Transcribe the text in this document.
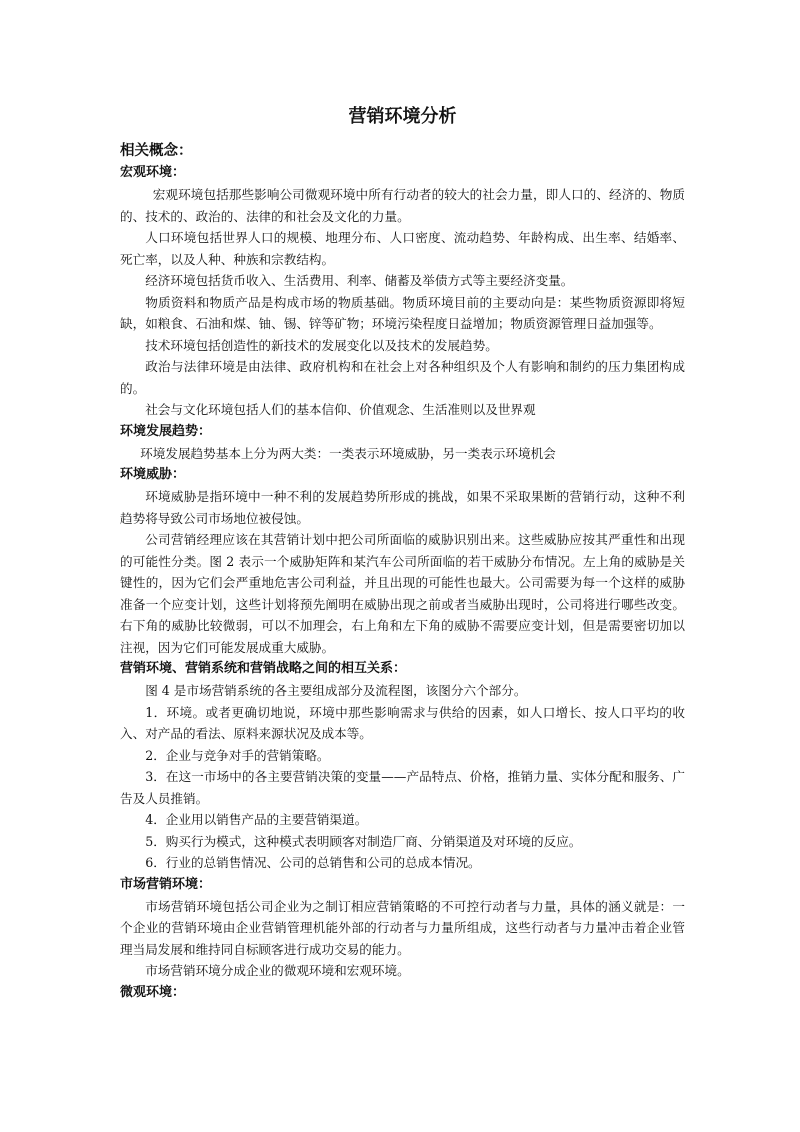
营销环境分析
相关概念：
宏观环境：

宏观环境包括那些影响公司微观环境中所有行动者的较大的社会力量，即人口的、经济的、物质的、技术的、政治的、法律的和社会及文化的力量。

人口环境包括世界人口的规模、地理分布、人口密度、流动趋势、年龄构成、出生率、结婚率、死亡率，以及人种、种族和宗教结构。

经济环境包括货币收入、生活费用、利率、储蓄及举债方式等主要经济变量。

物质资料和物质产品是构成市场的物质基础。物质环境目前的主要动向是：某些物质资源即将短缺，如粮食、石油和煤、铀、锡、锌等矿物；环境污染程度日益增加；物质资源管理日益加强等。

技术环境包括创造性的新技术的发展变化以及技术的发展趋势。

政治与法律环境是由法律、政府机构和在社会上对各种组织及个人有影响和制约的压力集团构成的。

社会与文化环境包括人们的基本信仰、价值观念、生活准则以及世界观

环境发展趋势：

环境发展趋势基本上分为两大类：一类表示环境威胁，另一类表示环境机会

环境威胁：

环境威胁是指环境中一种不利的发展趋势所形成的挑战，如果不采取果断的营销行动，这种不利趋势将导致公司市场地位被侵蚀。

公司营销经理应该在其营销计划中把公司所面临的威胁识别出来。这些威胁应按其严重性和出现的可能性分类。图 2 表示一个威胁矩阵和某汽车公司所面临的若干威胁分布情况。左上角的威胁是关键性的，因为它们会严重地危害公司利益，并且出现的可能性也最大。公司需要为每一个这样的威胁准备一个应变计划，这些计划将预先阐明在威胁出现之前或者当威胁出现时，公司将进行哪些改变。右下角的威胁比较微弱，可以不加理会，右上角和左下角的威胁不需要应变计划，但是需要密切加以注视，因为它们可能发展成重大威胁。

营销环境、营销系统和营销战略之间的相互关系：

图 4 是市场营销系统的各主要组成部分及流程图，该图分六个部分。

1．环境。或者更确切地说，环境中那些影响需求与供给的因素，如人口增长、按人口平均的收入、对产品的看法、原料来源状况及成本等。

2．企业与竞争对手的营销策略。

3．在这一市场中的各主要营销决策的变量——产品特点、价格，推销力量、实体分配和服务、广告及人员推销。

4．企业用以销售产品的主要营销渠道。

5．购买行为模式，这种模式表明顾客对制造厂商、分销渠道及对环境的反应。

6．行业的总销售情况、公司的总销售和公司的总成本情况。

市场营销环境：

市场营销环境包括公司企业为之制订相应营销策略的不可控行动者与力量，具体的涵义就是：一个企业的营销环境由企业营销管理机能外部的行动者与力量所组成，这些行动者与力量冲击着企业管理当局发展和维持同自标顾客进行成功交易的能力。

市场营销环境分成企业的微观环境和宏观环境。

微观环境：
